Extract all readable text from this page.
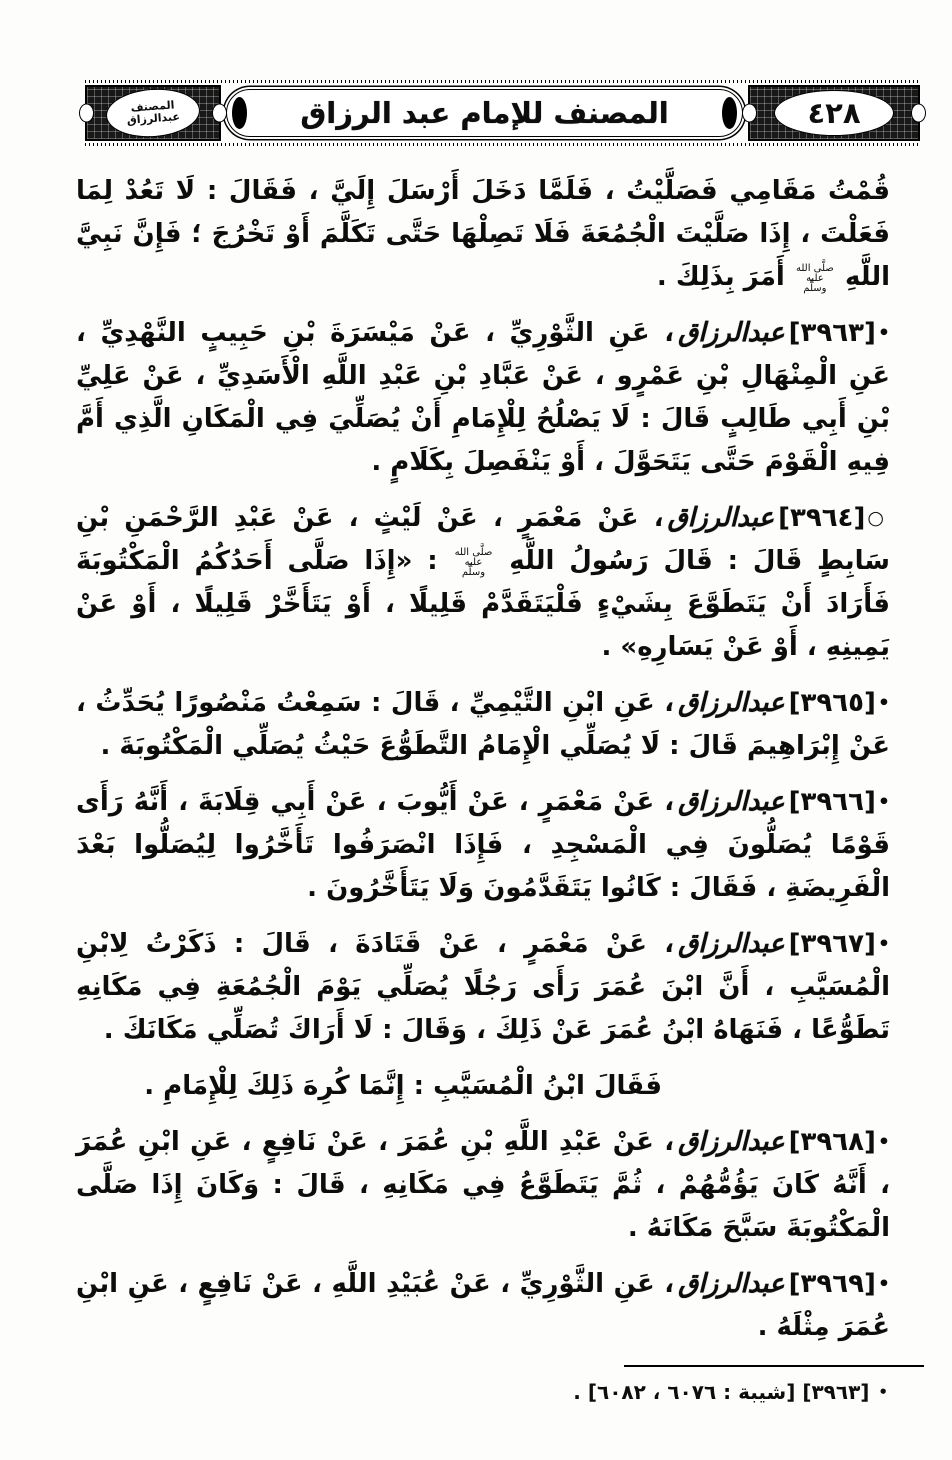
٤٢٨
المصنف للإمام عبد الرزاق
المصنف
عبدالرزاق

قُمْتُ مَقَامِي فَصَلَّيْتُ ، فَلَمَّا دَخَلَ أَرْسَلَ إِلَيَّ ، فَقَالَ : لَا تَعُدْ لِمَا فَعَلْتَ ، إِذَا صَلَّيْتَ الْجُمُعَةَ فَلَا تَصِلْهَا حَتَّى تَكَلَّمَ أَوْ تَخْرُجَ ؛ فَإِنَّ نَبِيَّ اللَّهِ
صلَّى الله
عليه وسلَّم
أَمَرَ بِذَلِكَ .

•[٣٩٦٣]عبدالرزاق، عَنِ الثَّوْرِيِّ ، عَنْ مَيْسَرَةَ بْنِ حَبِيبٍ النَّهْدِيِّ ، عَنِ الْمِنْهَالِ بْنِ عَمْرٍو ، عَنْ عَبَّادِ بْنِ عَبْدِ اللَّهِ الْأَسَدِيِّ ، عَنْ عَلِيِّ بْنِ أَبِي طَالِبٍ قَالَ : لَا يَصْلُحُ لِلْإِمَامِ أَنْ يُصَلِّيَ فِي الْمَكَانِ الَّذِي أَمَّ فِيهِ الْقَوْمَ حَتَّى يَتَحَوَّلَ ، أَوْ يَنْفَصِلَ بِكَلَامٍ .

○[٣٩٦٤]عبدالرزاق، عَنْ مَعْمَرٍ ، عَنْ لَيْثٍ ، عَنْ عَبْدِ الرَّحْمَنِ بْنِ سَابِطٍ قَالَ : قَالَ رَسُولُ اللَّهِ
صلَّى الله
عليه وسلَّم
: «إِذَا صَلَّى أَحَدُكُمُ الْمَكْتُوبَةَ فَأَرَادَ أَنْ يَتَطَوَّعَ بِشَيْءٍ فَلْيَتَقَدَّمْ قَلِيلًا ، أَوْ يَتَأَخَّرْ قَلِيلًا ، أَوْ عَنْ يَمِينِهِ ، أَوْ عَنْ يَسَارِهِ» .

•[٣٩٦٥]عبدالرزاق، عَنِ ابْنِ التَّيْمِيِّ ، قَالَ : سَمِعْتُ مَنْصُورًا يُحَدِّثُ ، عَنْ إِبْرَاهِيمَ قَالَ : لَا يُصَلِّي الْإِمَامُ التَّطَوُّعَ حَيْثُ يُصَلِّي الْمَكْتُوبَةَ .

•[٣٩٦٦]عبدالرزاق، عَنْ مَعْمَرٍ ، عَنْ أَيُّوبَ ، عَنْ أَبِي قِلَابَةَ ، أَنَّهُ رَأَى قَوْمًا يُصَلُّونَ فِي الْمَسْجِدِ ، فَإِذَا انْصَرَفُوا تَأَخَّرُوا لِيُصَلُّوا بَعْدَ الْفَرِيضَةِ ، فَقَالَ : كَانُوا يَتَقَدَّمُونَ وَلَا يَتَأَخَّرُونَ .

•[٣٩٦٧]عبدالرزاق، عَنْ مَعْمَرٍ ، عَنْ قَتَادَةَ ، قَالَ : ذَكَرْتُ لِابْنِ الْمُسَيَّبِ ، أَنَّ ابْنَ عُمَرَ رَأَى رَجُلًا يُصَلِّي يَوْمَ الْجُمُعَةِ فِي مَكَانِهِ تَطَوُّعًا ، فَنَهَاهُ ابْنُ عُمَرَ عَنْ ذَلِكَ ، وَقَالَ : لَا أَرَاكَ تُصَلِّي مَكَانَكَ .

فَقَالَ ابْنُ الْمُسَيَّبِ : إِنَّمَا كُرِهَ ذَلِكَ لِلْإِمَامِ .

•[٣٩٦٨]عبدالرزاق، عَنْ عَبْدِ اللَّهِ بْنِ عُمَرَ ، عَنْ نَافِعٍ ، عَنِ ابْنِ عُمَرَ ، أَنَّهُ كَانَ يَؤُمُّهُمْ ، ثُمَّ يَتَطَوَّعُ فِي مَكَانِهِ ، قَالَ : وَكَانَ إِذَا صَلَّى الْمَكْتُوبَةَ سَبَّحَ مَكَانَهُ .

•[٣٩٦٩]عبدالرزاق، عَنِ الثَّوْرِيِّ ، عَنْ عُبَيْدِ اللَّهِ ، عَنْ نَافِعٍ ، عَنِ ابْنِ عُمَرَ مِثْلَهُ .

• [٣٩٦٣] [شيبة : ٦٠٧٦ ، ٦٠٨٢] .
